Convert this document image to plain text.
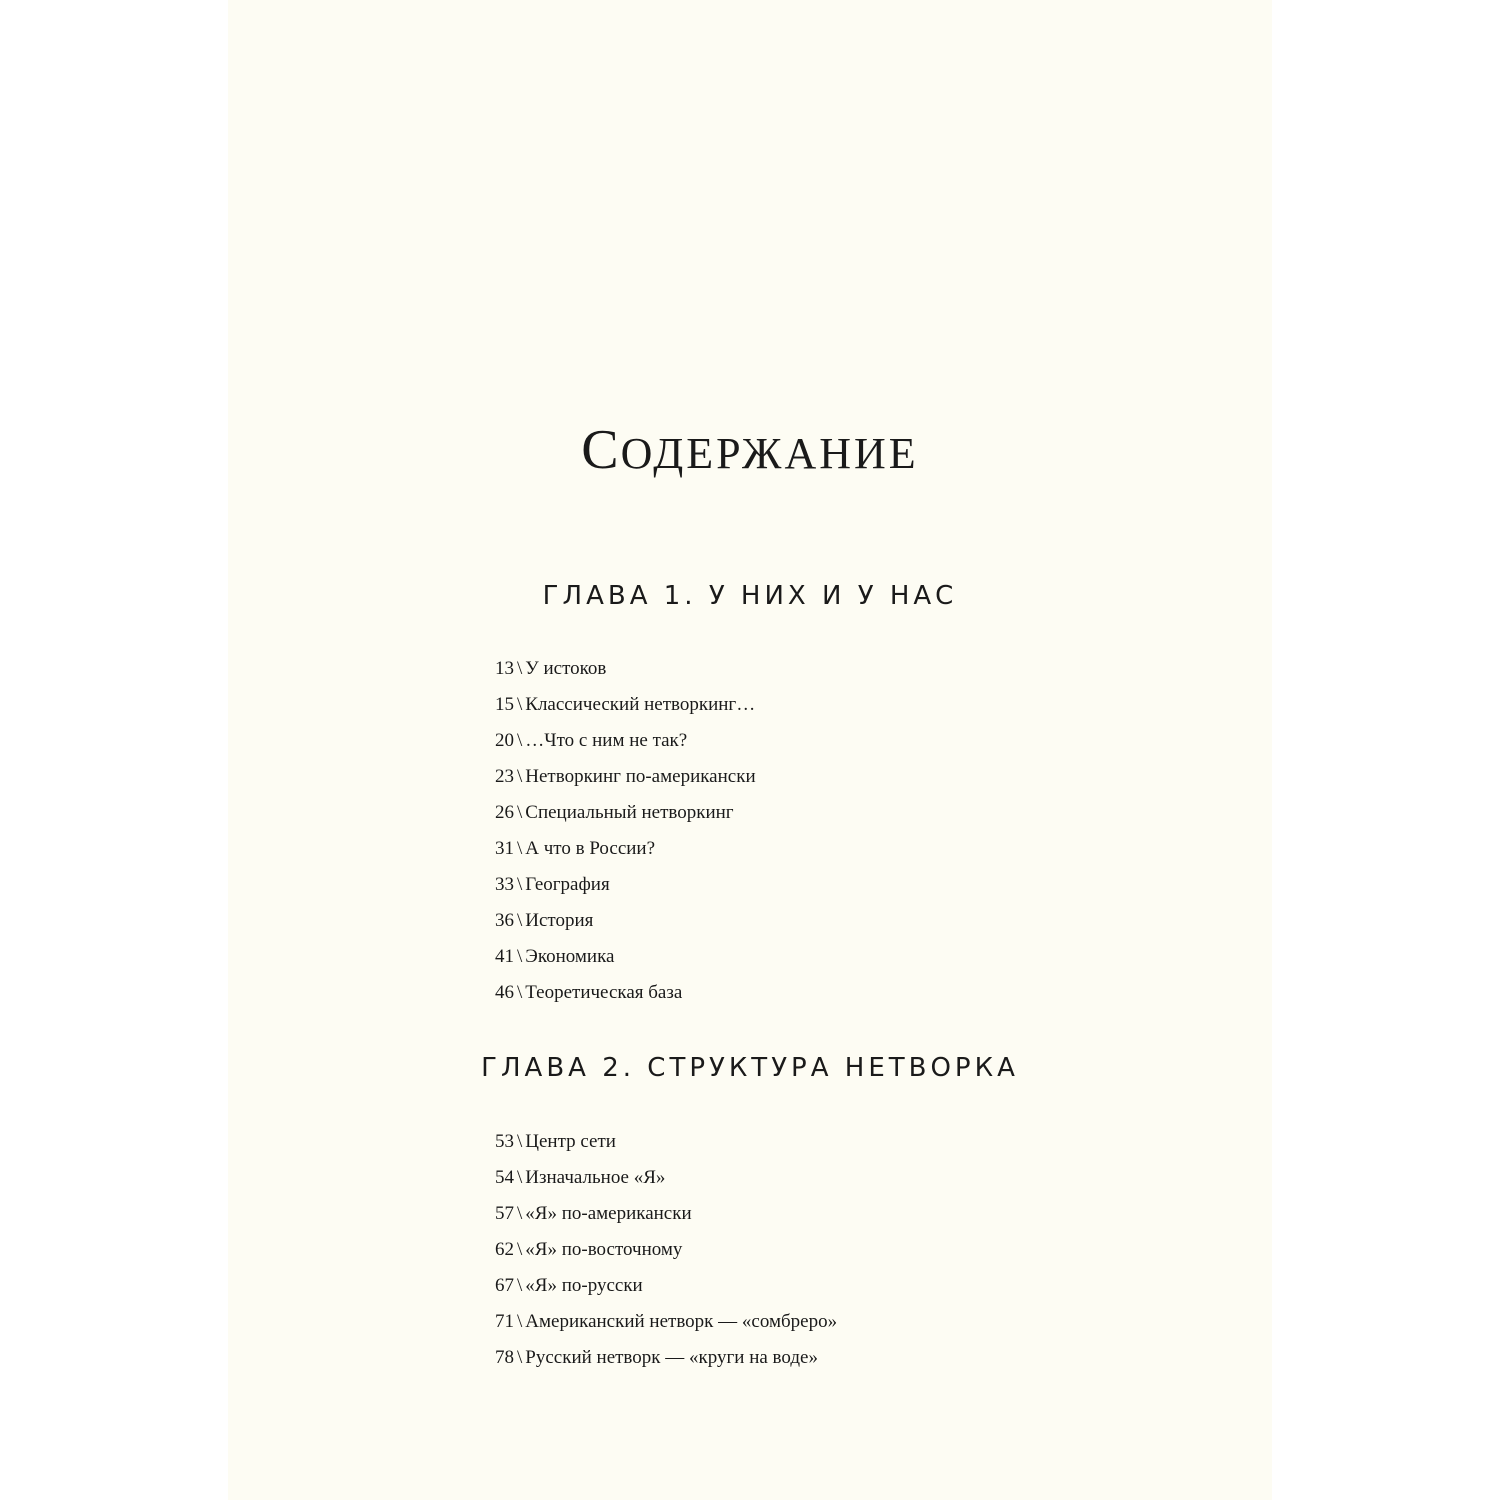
СОДЕРЖАНИЕ
ГЛАВА 1. У НИХ И У НАС
13 \ У истоков
15 \ Классический нетворкинг…
20 \ …Что с ним не так?
23 \ Нетворкинг по-американски
26 \ Специальный нетворкинг
31 \ А что в России?
33 \ География
36 \ История
41 \ Экономика
46 \ Теоретическая база
ГЛАВА 2. СТРУКТУРА НЕТВОРКА
53 \ Центр сети
54 \ Изначальное «Я»
57 \ «Я» по-американски
62 \ «Я» по-восточному
67 \ «Я» по-русски
71 \ Американский нетворк — «сомбреро»
78 \ Русский нетворк — «круги на воде»
